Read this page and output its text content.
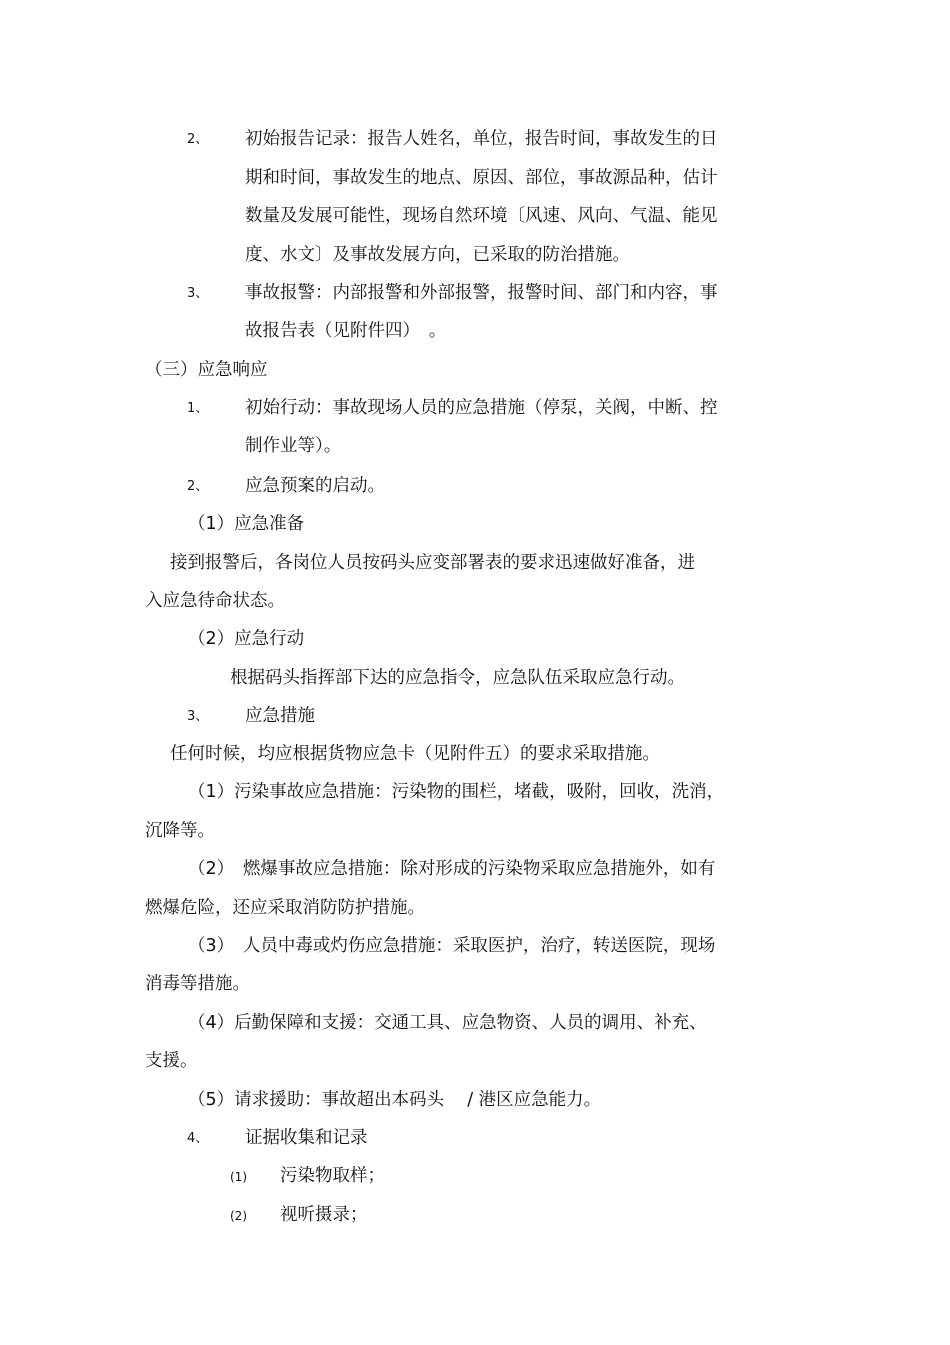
2、 初始报告记录：报告人姓名，单位，报告时间，事故发生的日
期和时间，事故发生的地点、原因、部位，事故源品种，估计
数量及发展可能性，现场自然环境〔风速、风向、气温、能见
度、水文〕及事故发展方向，已采取的防治措施。
3、 事故报警：内部报警和外部报警，报警时间、部门和内容，事
故报告表（见附件四）　。
（三）应急响应
1、 初始行动：事故现场人员的应急措施（停泵，关阀，中断、控
制作业等）。
2、 应急预案的启动。
（1）应急准备
接到报警后，各岗位人员按码头应变部署表的要求迅速做好准备，进
入应急待命状态。
（2）应急行动
根据码头指挥部下达的应急指令，应急队伍采取应急行动。
3、 应急措施
任何时候，均应根据货物应急卡（见附件五）的要求采取措施。
（1）污染事故应急措施：污染物的围栏，堵截，吸附，回收，洗消，
沉降等。
（2）　燃爆事故应急措施：除对形成的污染物采取应急措施外，如有
燃爆危险，还应采取消防防护措施。
（3）　人员中毒或灼伤应急措施：采取医护，治疗，转送医院，现场
消毒等措施。
（4）后勤保障和支援：交通工具、应急物资、人员的调用、补充、
支援。
（5）请求援助：事故超出本码头　 / 港区应急能力。
4、 证据收集和记录
(1) 污染物取样；
(2) 视听摄录；
